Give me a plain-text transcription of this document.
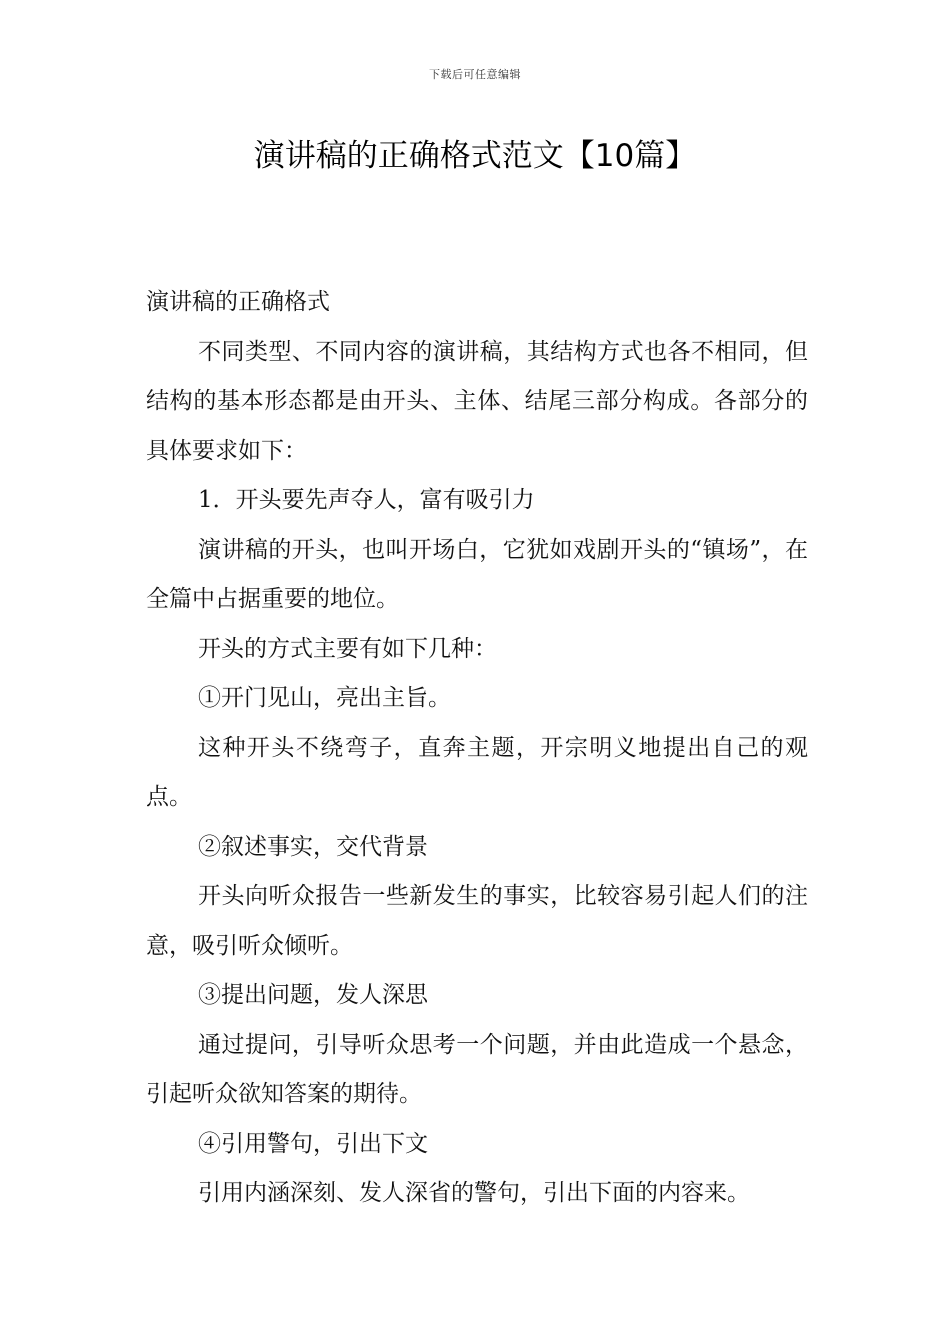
下载后可任意编辑
演讲稿的正确格式范文【10篇】

演讲稿的正确格式

不同类型、不同内容的演讲稿，其结构方式也各不相同，但结构的基本形态都是由开头、主体、结尾三部分构成。各部分的具体要求如下：

1．开头要先声夺人，富有吸引力

演讲稿的开头，也叫开场白，它犹如戏剧开头的“镇场”，在全篇中占据重要的地位。

开头的方式主要有如下几种：

①开门见山，亮出主旨。

这种开头不绕弯子，直奔主题，开宗明义地提出自己的观点。

②叙述事实，交代背景

开头向听众报告一些新发生的事实，比较容易引起人们的注意，吸引听众倾听。

③提出问题，发人深思

通过提问，引导听众思考一个问题，并由此造成一个悬念，引起听众欲知答案的期待。

④引用警句，引出下文

引用内涵深刻、发人深省的警句，引出下面的内容来。
